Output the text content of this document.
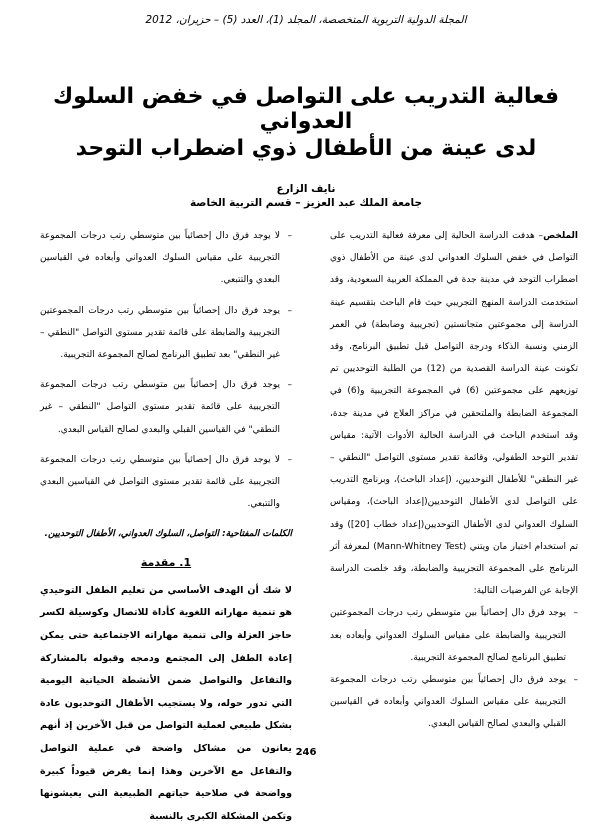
المجلة الدولية التربوية المتخصصة، المجلد (1)، العدد (5) – حزيران، 2012
فعالية التدريب على التواصل في خفض السلوك العدواني
لدى عينة من الأطفال ذوي اضطراب التوحد
نايف الزارع
جامعة الملك عبد العزيز – قسم التربية الخاصة

الملخص– هدفت الدراسة الحالية إلى معرفة فعالية التدريب على التواصل في خفض السلوك العدواني لدى عينة من الأطفال ذوي اضطراب التوحد في مدينة جدة في المملكة العربية السعودية، وقد استخدمت الدراسة المنهج التجريبي حيث قام الباحث بتقسيم عينة الدراسة إلى مجموعتين متجانستين (تجريبية وضابطة) في العمر الزمني ونسبة الذكاء ودرجة التواصل قبل تطبيق البرنامج، وقد تكونت عينة الدراسة القصدية من (12) من الطلبة التوحديين تم توزيعهم على مجموعتين (6) في المجموعة التجريبية و(6) في المجموعة الضابطة والملتحقين في مراكز العلاج في مدينة جدة، وقد استخدم الباحث في الدراسة الحالية الأدوات الآتية: مقياس تقدير التوحد الطفولي، وقائمة تقدير مستوى التواصل "النطقي –غير النطقي" للأطفال التوحديين، (إعداد الباحث)، وبرنامج التدريب على التواصل لدى الأطفال التوحديين(إعداد الباحث)، ومقياس السلوك العدواني لدى الأطفال التوحديين(إعداد خطاب [20]) وقد تم استخدام اختبار مان ويتني (Mann-Whitney Test) لمعرفة أثر البرنامج على المجموعة التجريبية والضابطة، وقد خلصت الدراسة الإجابة عن الفرضيات التالية:

– يوجد فرق دال إحصائياً بين متوسطي رتب درجات المجموعتين التجريبية والضابطة على مقياس السلوك العدواني وأبعاده بعد تطبيق البرنامج لصالح المجموعة التجريبية.

– يوجد فرق دال إحصائياً بين متوسطي رتب درجات المجموعة التجريبية على مقياس السلوك العدواني وأبعاده في القياسين القبلي والبعدي لصالح القياس البعدي.

– لا يوجد فرق دال إحصائياً بين متوسطي رتب درجات المجموعة التجريبية على مقياس السلوك العدواني وأبعاده في القياسين البعدي والتتبعي.

– يوجد فرق دال إحصائياً بين متوسطي رتب درجات المجموعتين التجريبية والضابطة على قائمة تقدير مستوى التواصل "النطقي – غير النطقي" بعد تطبيق البرنامج لصالح المجموعة التجريبية.

– يوجد فرق دال إحصائياً بين متوسطي رتب درجات المجموعة التجريبية على قائمة تقدير مستوى التواصل "النطقي – غير النطقي" في القياسين القبلي والبعدي لصالح القياس البعدي.

– لا يوجد فرق دال إحصائياً بين متوسطي رتب درجات المجموعة التجريبية على قائمة تقدير مستوى التواصل في القياسين البعدي والتتبعي.

الكلمات المفتاحية: التواصل، السلوك العدواني، الأطفال التوحديين.

1. مقدمة

لا شك أن الهدف الأساسي من تعليم الطفل التوحيدي هو تنمية مهاراته اللغوية كأداة للاتصال وكوسيلة لكسر حاجز العزلة والى تنمية مهاراته الاجتماعية حتى يمكن إعادة الطفل إلى المجتمع ودمجه وقبوله بالمشاركة والتفاعل والتواصل ضمن الأنشطة الحياتية اليومية التي تدور حوله، ولا يستجيب الأطفال التوحديون عادة بشكل طبيعي لعملية التواصل من قبل الآخرين إذ أنهم يعانون من مشاكل واضحة في عملية التواصل والتفاعل مع الآخرين وهذا إنما يفرض قيوداً كبيرة وواضحة في صلاحية حياتهم الطبيعية التي يعيشونها وتكمن المشكلة الكبرى بالنسبة

246
